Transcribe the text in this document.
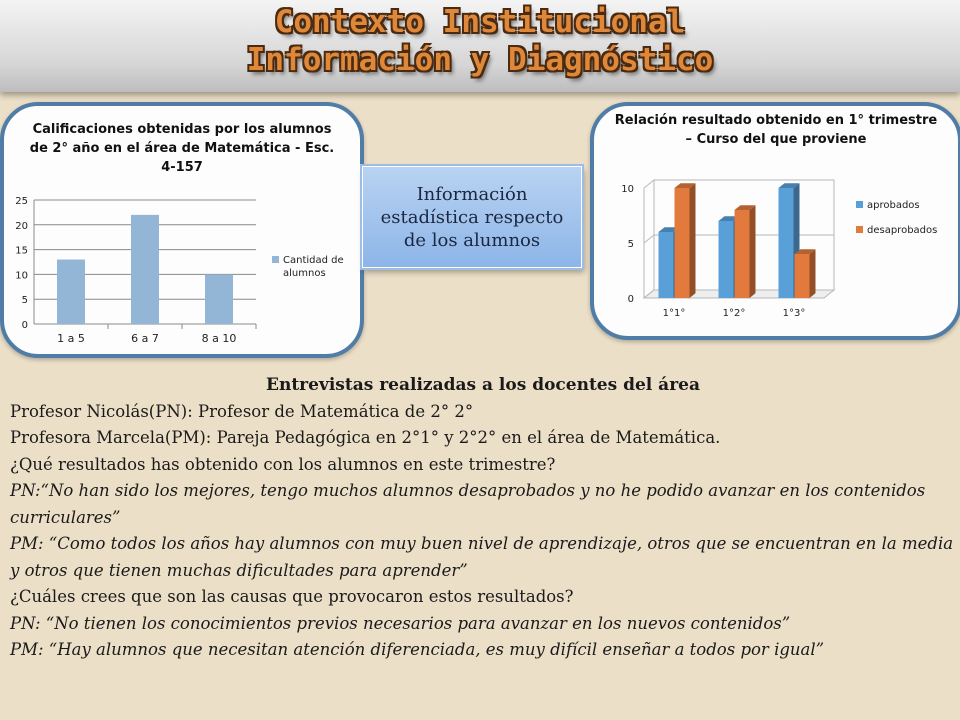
Contexto Institucional
Información y Diagnóstico
Calificaciones obtenidas por los alumnos de 2° año en el área de Matemática - Esc. 4-157
0
5
10
15
20
25
1 a 5	6 a 7	8 a 10
Cantidad de alumnos
Información estadística respecto de los alumnos
Relación resultado obtenido en 1° trimestre – Curso del que proviene
0
5
10
1°1°	1°2°	1°3°
aprobados
desaprobados
Entrevistas realizadas a los docentes del área
Profesor Nicolás(PN): Profesor de Matemática de 2° 2°
Profesora Marcela(PM): Pareja Pedagógica en 2°1° y 2°2° en el área de Matemática.
¿Qué resultados has obtenido con los alumnos en este trimestre?
PN:“No han sido los mejores, tengo muchos alumnos desaprobados y no he podido avanzar en los contenidos curriculares”
PM: “Como todos los años hay alumnos con muy buen nivel de aprendizaje, otros que se encuentran en la media y otros que tienen muchas dificultades para aprender”
¿Cuáles crees que son las causas que provocaron estos resultados?
PN: “No tienen los conocimientos previos necesarios para avanzar en los nuevos contenidos”
PM: “Hay alumnos que necesitan atención diferenciada, es muy difícil enseñar a todos por igual”
